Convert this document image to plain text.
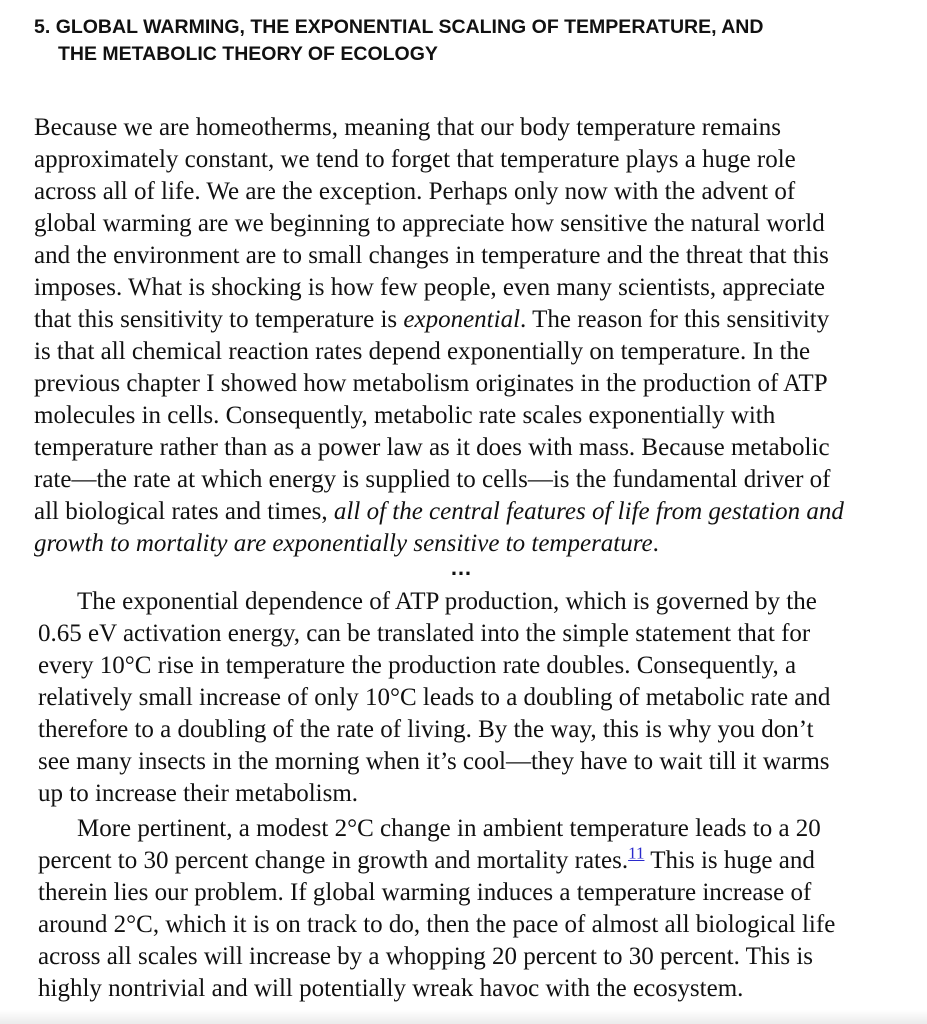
5. GLOBAL WARMING, THE EXPONENTIAL SCALING OF TEMPERATURE, AND
THE METABOLIC THEORY OF ECOLOGY
Because we are homeotherms, meaning that our body temperature remains
approximately constant, we tend to forget that temperature plays a huge role
across all of life. We are the exception. Perhaps only now with the advent of
global warming are we beginning to appreciate how sensitive the natural world
and the environment are to small changes in temperature and the threat that this
imposes. What is shocking is how few people, even many scientists, appreciate
that this sensitivity to temperature is exponential. The reason for this sensitivity
is that all chemical reaction rates depend exponentially on temperature. In the
previous chapter I showed how metabolism originates in the production of ATP
molecules in cells. Consequently, metabolic rate scales exponentially with
temperature rather than as a power law as it does with mass. Because metabolic
rate—the rate at which energy is supplied to cells—is the fundamental driver of
all biological rates and times, all of the central features of life from gestation and
growth to mortality are exponentially sensitive to temperature.
…
The exponential dependence of ATP production, which is governed by the
0.65 eV activation energy, can be translated into the simple statement that for
every 10°C rise in temperature the production rate doubles. Consequently, a
relatively small increase of only 10°C leads to a doubling of metabolic rate and
therefore to a doubling of the rate of living. By the way, this is why you don’t
see many insects in the morning when it’s cool—they have to wait till it warms
up to increase their metabolism.
More pertinent, a modest 2°C change in ambient temperature leads to a 20
percent to 30 percent change in growth and mortality rates.$^{11}$ This is huge and
therein lies our problem. If global warming induces a temperature increase of
around 2°C, which it is on track to do, then the pace of almost all biological life
across all scales will increase by a whopping 20 percent to 30 percent. This is
highly nontrivial and will potentially wreak havoc with the ecosystem.
